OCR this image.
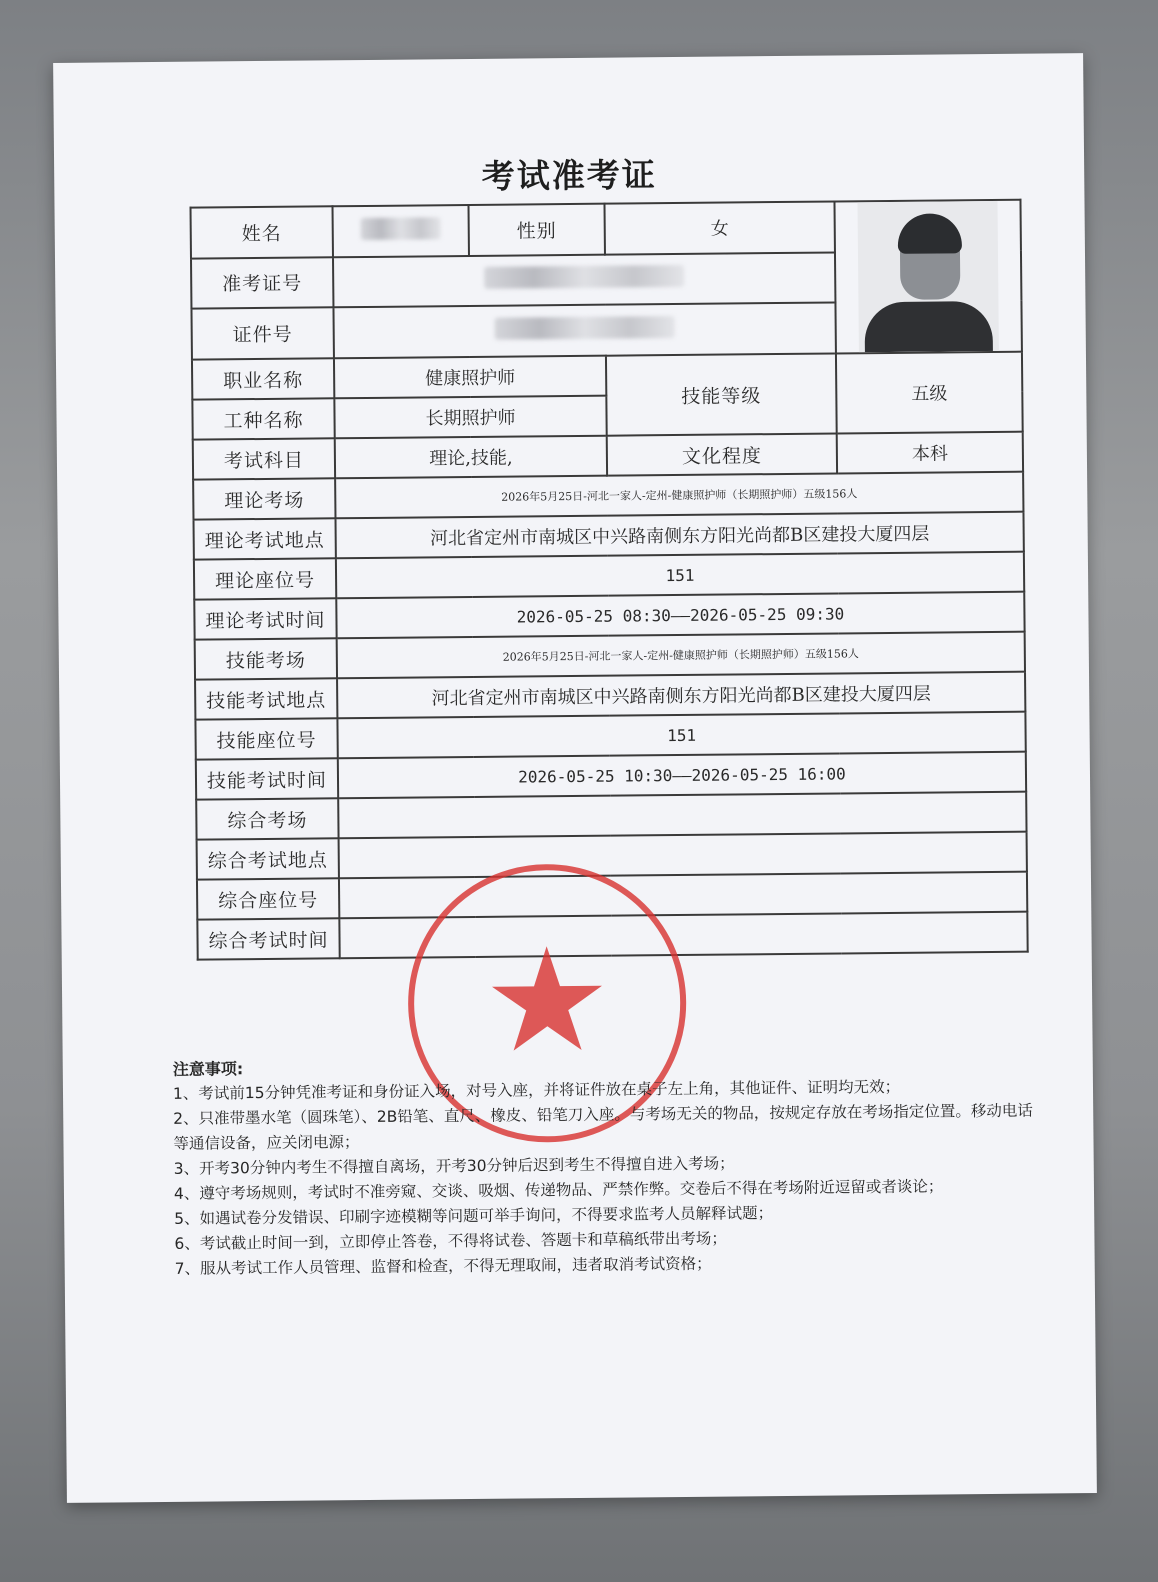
考试准考证
姓名		性别	女	

准考证号				
证件号				
职业名称	健康照护师		技能等级	五级
工种名称	长期照护师			
考试科目	理论,技能,		文化程度	本科
理论考场	2026年5月25日-河北一家人-定州-健康照护师（长期照护师）五级156人			
理论考试地点	河北省定州市南城区中兴路南侧东方阳光尚都B区建投大厦四层			
理论座位号	151			
理论考试时间	2026-05-25 08:30——2026-05-25 09:30			
技能考场	2026年5月25日-河北一家人-定州-健康照护师（长期照护师）五级156人			
技能考试地点	河北省定州市南城区中兴路南侧东方阳光尚都B区建投大厦四层			
技能座位号	151			
技能考试时间	2026-05-25 10:30——2026-05-25 16:00			
综合考场				
综合考试地点				
综合座位号				
综合考试时间				

注意事项:

1、考试前15分钟凭准考证和身份证入场，对号入座，并将证件放在桌子左上角，其他证件、证明均无效；

2、只准带墨水笔（圆珠笔）、2B铅笔、直尺、橡皮、铅笔刀入座。与考场无关的物品，按规定存放在考场指定位置。移动电话等通信设备，应关闭电源；

3、开考30分钟内考生不得擅自离场，开考30分钟后迟到考生不得擅自进入考场；

4、遵守考场规则，考试时不准旁窥、交谈、吸烟、传递物品、严禁作弊。交卷后不得在考场附近逗留或者谈论；

5、如遇试卷分发错误、印刷字迹模糊等问题可举手询问，不得要求监考人员解释试题；

6、考试截止时间一到，立即停止答卷，不得将试卷、答题卡和草稿纸带出考场；

7、服从考试工作人员管理、监督和检查，不得无理取闹，违者取消考试资格；
